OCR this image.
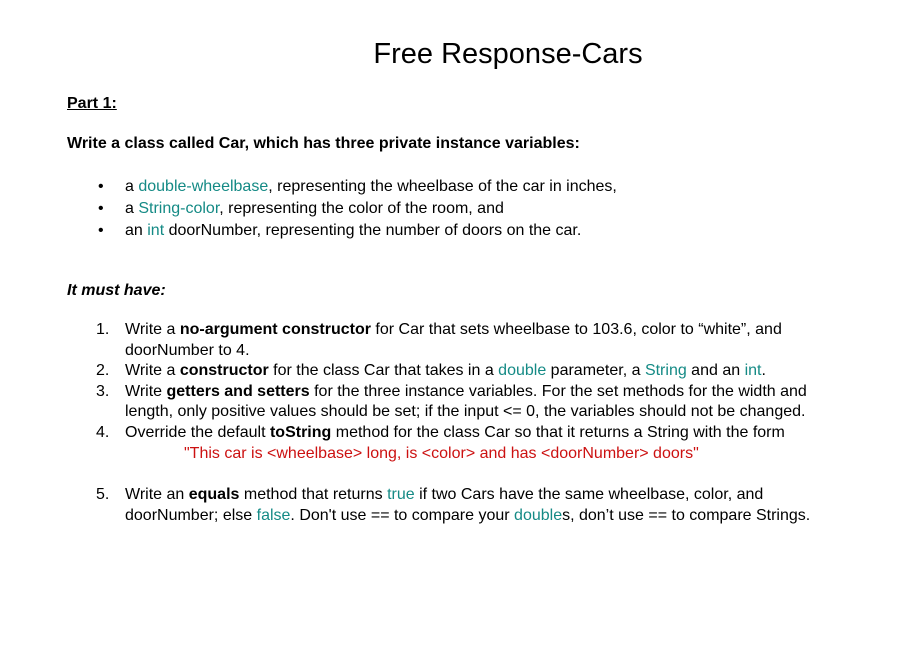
Free Response-Cars
Part 1:
Write a class called Car, which has three private instance variables:
• a double-wheelbase, representing the wheelbase of the car in inches,
• a String-color, representing the color of the room, and
• an int doorNumber, representing the number of doors on the car.
It must have:
1. Write a no-argument constructor for Car that sets wheelbase to 103.6, color to “white”, and doorNumber to 4.
2. Write a constructor for the class Car that takes in a double parameter, a String and an int.
3. Write getters and setters for the three instance variables. For the set methods for the width and length, only positive values should be set; if the input <= 0, the variables should not be changed.
4. Override the default toString method for the class Car so that it returns a String with the form
"This car is <wheelbase> long, is <color> and has <doorNumber> doors"
5. Write an equals method that returns true if two Cars have the same wheelbase, color, and doorNumber; else false. Don't use == to compare your doubles, don’t use == to compare Strings.
